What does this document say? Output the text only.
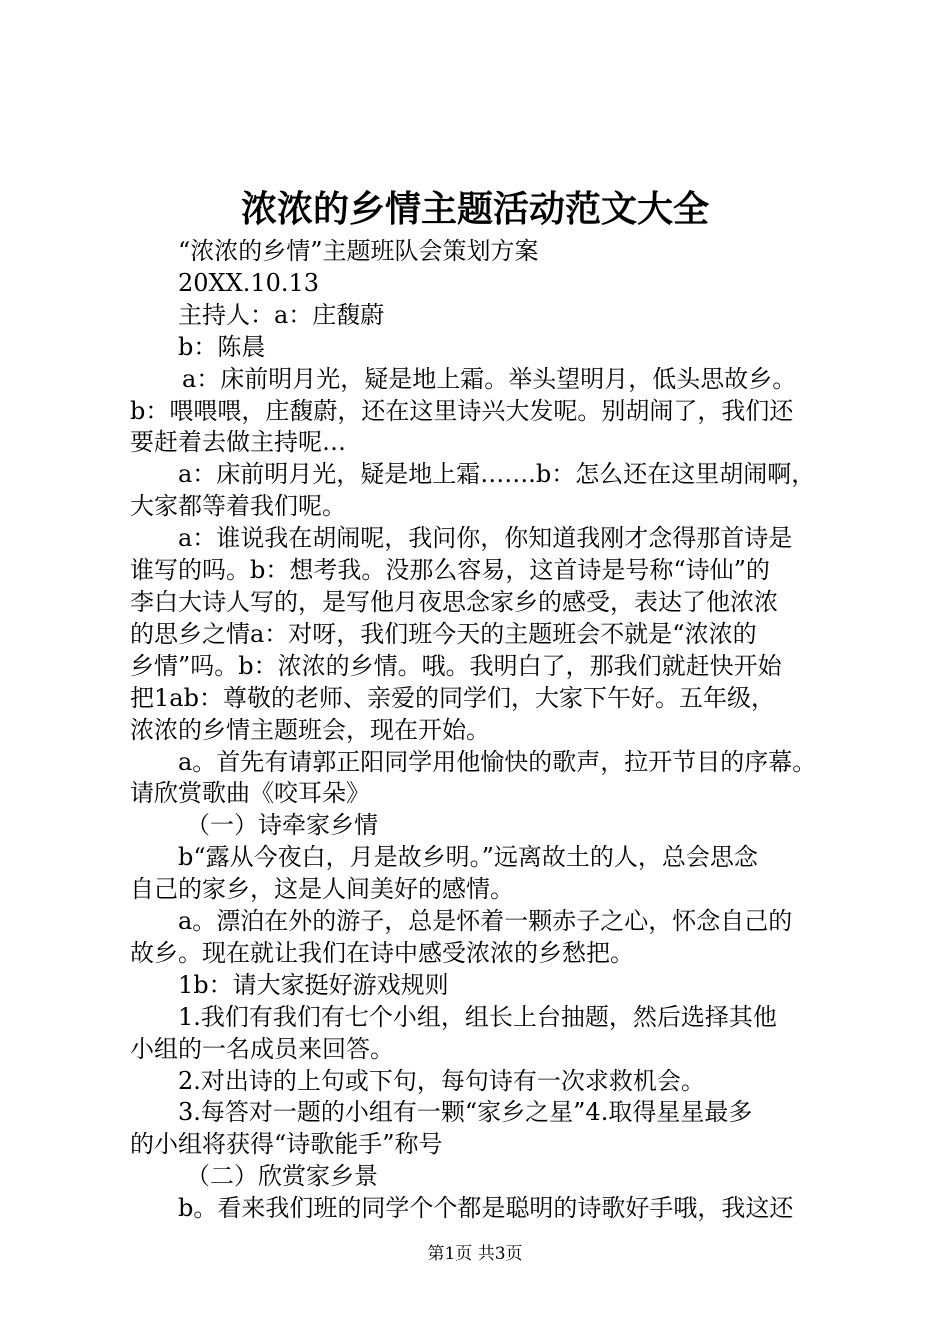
浓浓的乡情主题活动范文大全

“浓浓的乡情”主题班队会策划方案

20XX.10.13

主持人：a：庄馥蔚

b：陈晨

a：床前明月光，疑是地上霜。举头望明月，低头思故乡。

b：喂喂喂，庄馥蔚，还在这里诗兴大发呢。别胡闹了，我们还

要赶着去做主持呢…

a：床前明月光，疑是地上霜…….b：怎么还在这里胡闹啊，

大家都等着我们呢。

a：谁说我在胡闹呢，我问你，你知道我刚才念得那首诗是

谁写的吗。b：想考我。没那么容易，这首诗是号称“诗仙”的

李白大诗人写的，是写他月夜思念家乡的感受，表达了他浓浓

的思乡之情a：对呀，我们班今天的主题班会不就是“浓浓的

乡情”吗。b：浓浓的乡情。哦。我明白了，那我们就赶快开始

把1ab：尊敬的老师、亲爱的同学们，大家下午好。五年级，

浓浓的乡情主题班会，现在开始。

a。首先有请郭正阳同学用他愉快的歌声，拉开节目的序幕。

请欣赏歌曲《咬耳朵》

（一）诗牵家乡情

b“露从今夜白，月是故乡明。”远离故土的人，总会思念

自己的家乡，这是人间美好的感情。

a。漂泊在外的游子，总是怀着一颗赤子之心，怀念自己的

故乡。现在就让我们在诗中感受浓浓的乡愁把。

1b：请大家挺好游戏规则

1.我们有我们有七个小组，组长上台抽题，然后选择其他

小组的一名成员来回答。

2.对出诗的上句或下句，每句诗有一次求救机会。

3.每答对一题的小组有一颗“家乡之星”4.取得星星最多

的小组将获得“诗歌能手”称号

（二）欣赏家乡景

b。看来我们班的同学个个都是聪明的诗歌好手哦，我这还

第1页 共3页
